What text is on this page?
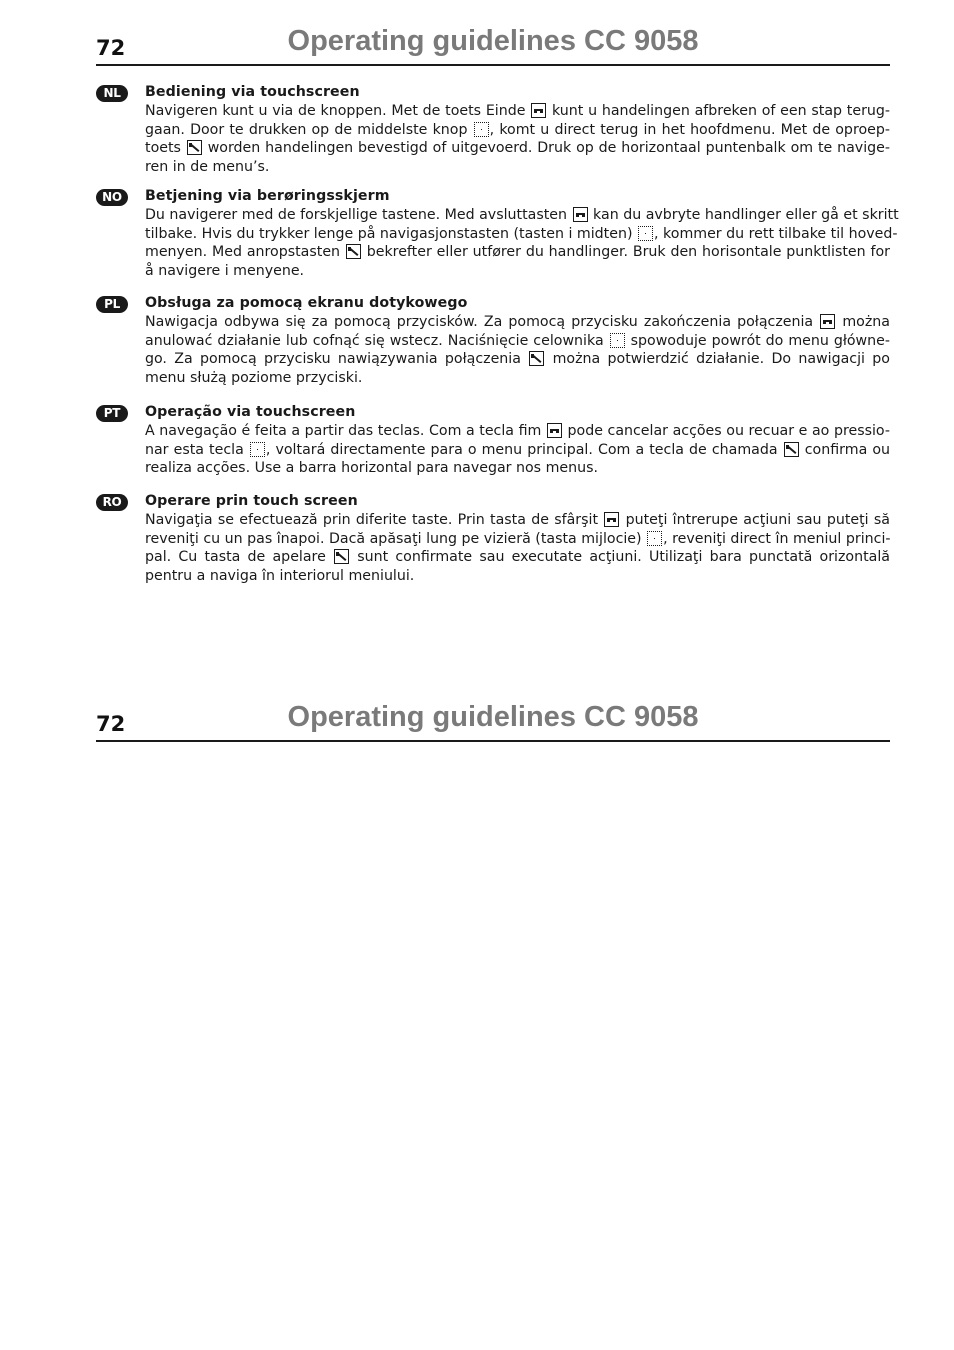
72	Operating guidelines CC 9058
NL	Bediening via touchscreen
Navigeren kunt u via de knoppen. Met de toets Einde kunt u handelingen afbreken of een stap terug-
gaan. Door te drukken op de middelste knop , komt u direct terug in het hoofdmenu. Met de oproep-
toets worden handelingen bevestigd of uitgevoerd. Druk op de horizontaal puntenbalk om te navige-
ren in de menu’s.
NO	Betjening via berøringsskjerm
Du navigerer med de forskjellige tastene. Med avsluttasten kan du avbryte handlinger eller gå et skritt
tilbake. Hvis du trykker lenge på navigasjonstasten (tasten i midten) , kommer du rett tilbake til hoved-
menyen. Med anropstasten bekrefter eller utfører du handlinger. Bruk den horisontale punktlisten for
å navigere i menyene.
PL	Obsługa za pomocą ekranu dotykowego
Nawigacja odbywa się za pomocą przycisków. Za pomocą przycisku zakończenia połączenia można
anulować działanie lub cofnąć się wstecz. Naciśnięcie celownika spowoduje powrót do menu główne-
go. Za pomocą przycisku nawiązywania połączenia można potwierdzić działanie. Do nawigacji po
menu służą poziome przyciski.
PT	Operação via touchscreen
A navegação é feita a partir das teclas. Com a tecla fim pode cancelar acções ou recuar e ao pressio-
nar esta tecla , voltará directamente para o menu principal. Com a tecla de chamada confirma ou
realiza acções. Use a barra horizontal para navegar nos menus.
RO	Operare prin touch screen
Navigaţia se efectuează prin diferite taste. Prin tasta de sfârşit puteţi întrerupe acţiuni sau puteţi să
reveniţi cu un pas înapoi. Dacă apăsaţi lung pe vizieră (tasta mijlocie) , reveniţi direct în meniul princi-
pal. Cu tasta de apelare sunt confirmate sau executate acţiuni. Utilizaţi bara punctată orizontală
pentru a naviga în interiorul meniului.
72	Operating guidelines CC 9058
